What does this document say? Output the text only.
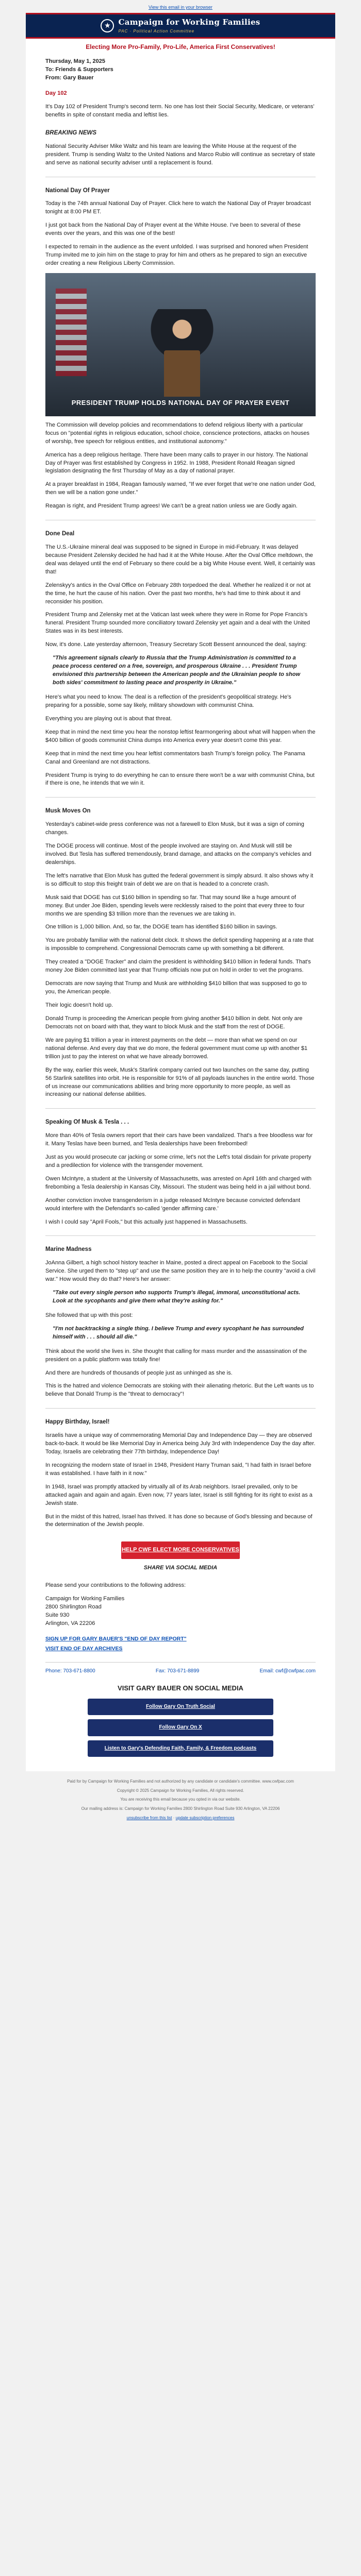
View this email in your browser
★ Campaign for Working Families
PAC · Political Action Committee
Electing More Pro-Family, Pro-Life, America First Conservatives!

Thursday, May 1, 2025

To: Friends & Supporters

From: Gary Bauer

Day 102

It's Day 102 of President Trump's second term. No one has lost their Social Security, Medicare, or veterans' benefits in spite of constant media and leftist lies.

BREAKING NEWS

National Security Adviser Mike Waltz and his team are leaving the White House at the request of the president. Trump is sending Waltz to the United Nations and Marco Rubio will continue as secretary of state and serve as national security adviser until a replacement is found.

National Day Of Prayer

Today is the 74th annual National Day of Prayer. Click here to watch the National Day of Prayer broadcast tonight at 8:00 PM ET.

I just got back from the National Day of Prayer event at the White House. I've been to several of these events over the years, and this was one of the best!

I expected to remain in the audience as the event unfolded. I was surprised and honored when President Trump invited me to join him on the stage to pray for him and others as he prepared to sign an executive order creating a new Religious Liberty Commission.

PRESIDENT TRUMP HOLDS NATIONAL DAY OF PRAYER EVENT

The Commission will develop policies and recommendations to defend religious liberty with a particular focus on "potential rights in religious education, school choice, conscience protections, attacks on houses of worship, free speech for religious entities, and institutional autonomy."

America has a deep religious heritage. There have been many calls to prayer in our history. The National Day of Prayer was first established by Congress in 1952. In 1988, President Ronald Reagan signed legislation designating the first Thursday of May as a day of national prayer.

At a prayer breakfast in 1984, Reagan famously warned, "If we ever forget that we're one nation under God, then we will be a nation gone under."

Reagan is right, and President Trump agrees! We can't be a great nation unless we are Godly again.

Done Deal

The U.S.-Ukraine mineral deal was supposed to be signed in Europe in mid-February. It was delayed because President Zelensky decided he had had it at the White House. After the Oval Office meltdown, the deal was delayed until the end of February so there could be a big White House event. Well, it certainly was that!

Zelenskyy's antics in the Oval Office on February 28th torpedoed the deal. Whether he realized it or not at the time, he hurt the cause of his nation. Over the past two months, he's had time to think about it and reconsider his position.

President Trump and Zelensky met at the Vatican last week where they were in Rome for Pope Francis's funeral. President Trump sounded more conciliatory toward Zelensky yet again and a deal with the United States was in its best interests.

Now, it's done. Late yesterday afternoon, Treasury Secretary Scott Bessent announced the deal, saying:

"This agreement signals clearly to Russia that the Trump Administration is committed to a peace process centered on a free, sovereign, and prosperous Ukraine . . . President Trump envisioned this partnership between the American people and the Ukrainian people to show both sides' commitment to lasting peace and prosperity in Ukraine."

Here's what you need to know. The deal is a reflection of the president's geopolitical strategy. He's preparing for a possible, some say likely, military showdown with communist China.

Everything you are playing out is about that threat.

Keep that in mind the next time you hear the nonstop leftist fearmongering about what will happen when the $400 billion of goods communist China dumps into America every year doesn't come this year.

Keep that in mind the next time you hear leftist commentators bash Trump's foreign policy. The Panama Canal and Greenland are not distractions.

President Trump is trying to do everything he can to ensure there won't be a war with communist China, but if there is one, he intends that we win it.

Musk Moves On

Yesterday's cabinet-wide press conference was not a farewell to Elon Musk, but it was a sign of coming changes.

The DOGE process will continue. Most of the people involved are staying on. And Musk will still be involved. But Tesla has suffered tremendously, brand damage, and attacks on the company's vehicles and dealerships.

The left's narrative that Elon Musk has gutted the federal government is simply absurd. It also shows why it is so difficult to stop this freight train of debt we are on that is headed to a concrete crash.

Musk said that DOGE has cut $160 billion in spending so far. That may sound like a huge amount of money. But under Joe Biden, spending levels were recklessly raised to the point that every three to four months we are spending $3 trillion more than the revenues we are taking in.

One trillion is 1,000 billion. And, so far, the DOGE team has identified $160 billion in savings.

You are probably familiar with the national debt clock. It shows the deficit spending happening at a rate that is impossible to comprehend. Congressional Democrats came up with something a bit different.

They created a "DOGE Tracker" and claim the president is withholding $410 billion in federal funds. That's money Joe Biden committed last year that Trump officials now put on hold in order to vet the programs.

Democrats are now saying that Trump and Musk are withholding $410 billion that was supposed to go to you, the American people.

Their logic doesn't hold up.

Donald Trump is proceeding the American people from giving another $410 billion in debt. Not only are Democrats not on board with that, they want to block Musk and the staff from the rest of DOGE.

We are paying $1 trillion a year in interest payments on the debt — more than what we spend on our national defense. And every day that we do more, the federal government must come up with another $1 trillion just to pay the interest on what we have already borrowed.

By the way, earlier this week, Musk's Starlink company carried out two launches on the same day, putting 56 Starlink satellites into orbit. He is responsible for 91% of all payloads launches in the entire world. Those of us increase our communications abilities and bring more opportunity to more people, as well as increasing our national defense abilities.

Speaking Of Musk & Tesla . . .

More than 40% of Tesla owners report that their cars have been vandalized. That's a free bloodless war for it. Many Teslas have been burned, and Tesla dealerships have been firebombed!

Just as you would prosecute car jacking or some crime, let's not the Left's total disdain for private property and a predilection for violence with the transgender movement.

Owen McIntyre, a student at the University of Massachusetts, was arrested on April 16th and charged with firebombing a Tesla dealership in Kansas City, Missouri. The student was being held in a jail without bond.

Another conviction involve transgenderism in a judge released McIntyre because convicted defendant would interfere with the Defendant's so-called 'gender affirming care.'

I wish I could say "April Fools," but this actually just happened in Massachusetts.

Marine Madness

JoAnna Gilbert, a high school history teacher in Maine, posted a direct appeal on Facebook to the Social Service. She urged them to "step up" and use the same position they are in to help the country "avoid a civil war." How would they do that? Here's her answer:

"Take out every single person who supports Trump's illegal, immoral, unconstitutional acts. Look at the sycophants and give them what they're asking for."

She followed that up with this post:

"I'm not backtracking a single thing. I believe Trump and every sycophant he has surrounded himself with . . . should all die."

Think about the world she lives in. She thought that calling for mass murder and the assassination of the president on a public platform was totally fine!

And there are hundreds of thousands of people just as unhinged as she is.

This is the hatred and violence Democrats are stoking with their alienating rhetoric. But the Left wants us to believe that Donald Trump is the "threat to democracy"!

Happy Birthday, Israel!

Israelis have a unique way of commemorating Memorial Day and Independence Day — they are observed back-to-back. It would be like Memorial Day in America being July 3rd with Independence Day the day after. Today, Israelis are celebrating their 77th birthday, Independence Day!

In recognizing the modern state of Israel in 1948, President Harry Truman said, "I had faith in Israel before it was established. I have faith in it now."

In 1948, Israel was promptly attacked by virtually all of its Arab neighbors. Israel prevailed, only to be attacked again and again and again. Even now, 77 years later, Israel is still fighting for its right to exist as a Jewish state.

But in the midst of this hatred, Israel has thrived. It has done so because of God's blessing and because of the determination of the Jewish people.

HELP CWF ELECT MORE CONSERVATIVES
SHARE VIA SOCIAL MEDIA

Please send your contributions to the following address:

Campaign for Working Families

2800 Shirlington Road

Suite 930

Arlington, VA 22206

SIGN UP FOR GARY BAUER'S "END OF DAY REPORT"
VISIT END OF DAY ARCHIVES
Phone: 703-671-8800	Fax: 703-671-8899	Email: cwf@cwfpac.com
VISIT GARY BAUER ON SOCIAL MEDIA
Follow Gary On Truth Social
Follow Gary On X
Listen to Gary's Defending Faith, Family, & Freedom podcasts

Paid for by Campaign for Working Families and not authorized by any candidate or candidate's committee. www.cwfpac.com

Copyright © 2025 Campaign for Working Families, All rights reserved.

You are receiving this email because you opted in via our website.

Our mailing address is: Campaign for Working Families 2800 Shirlington Road Suite 930 Arlington, VA 22206

unsubscribe from this list · update subscription preferences
